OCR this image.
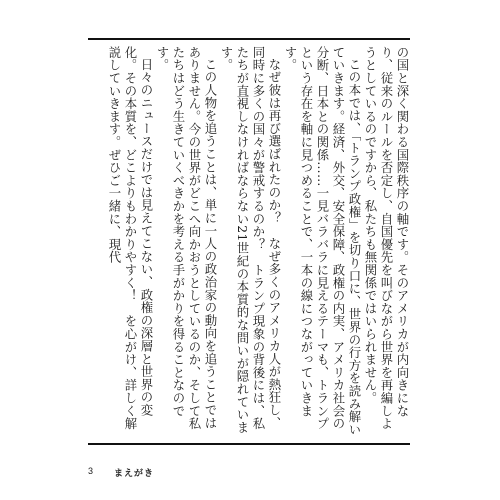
の国と深く関わる国際秩序の軸です。そのアメリカが内向きになり、従来のルールを否定し、自国優先を叫びながら世界を再編しようとしているのですから、私たちも無関係ではいられません。

この本では、「トランプ政権」を切り口に、世界の行方を読み解いていきます。経済、外交、安全保障、政権の内実、アメリカ社会の分断、日本との関係……一見バラバラに見えるテーマも、トランプという存在を軸に見つめることで、一本の線につながっていきます。

なぜ彼は再び選ばれたのか？　なぜ多くのアメリカ人が熱狂し、同時に多くの国々が警戒するのか？　トランプ現象の背後には、私たちが直視しなければならない21世紀の本質的な問いが隠れています。

この人物を追うことは、単に一人の政治家の動向を追うことではありません。今の世界がどこへ向かおうとしているのか、そして私たちはどう生きていくべきかを考える手がかりを得ることなのです。

日々のニュースだけでは見えてこない、政権の深層と世界の変化。その本質を、どこよりもわかりやすく！　を心がけ、詳しく解説していきます。ぜひご一緒に、現代

3 まえがき
